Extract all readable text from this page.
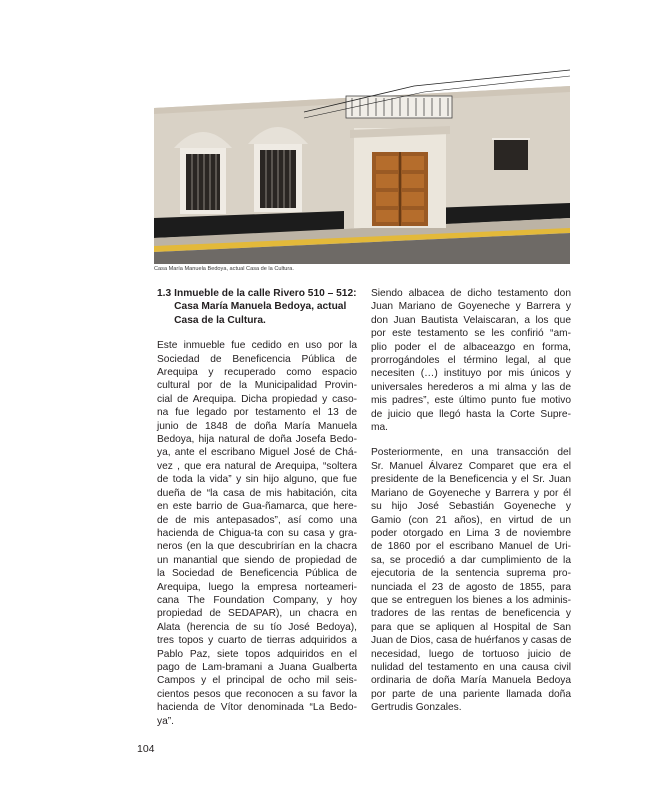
Casa María Manuela Bedoya, actual Casa de la Cultura.
1.3 Inmueble de la calle Rivero 510 – 512: Casa María Manuela Bedoya, actual Casa de la Cultura.
Este inmueble fue cedido en uso por la
Sociedad de Beneficencia Pública de
Arequipa y recuperado como espacio
cultural por de la Municipalidad Provin-
cial de Arequipa. Dicha propiedad y caso-
na fue legado por testamento el 13 de
junio de 1848 de doña María Manuela
Bedoya, hija natural de doña Josefa Bedo-
ya, ante el escribano Miguel José de Chá-
vez , que era natural de Arequipa, “soltera
de toda la vida” y sin hijo alguno, que fue
dueña de “la casa de mis habitación, cita
en este barrio de Gua-ñamarca, que here-
de de mis antepasados”, así como una
hacienda de Chigua-ta con su casa y gra-
neros (en la que descubrirían en la chacra
un manantial que siendo de propiedad de
la Sociedad de Beneficencia Pública de
Arequipa, luego la empresa norteameri-
cana The Foundation Company, y hoy
propiedad de SEDAPAR), un chacra en
Alata (herencia de su tío José Bedoya),
tres topos y cuarto de tierras adquiridos a
Pablo Paz, siete topos adquiridos en el
pago de Lam-bramani a Juana Gualberta
Campos y el principal de ocho mil seis-
cientos pesos que reconocen a su favor la
hacienda de Vítor denominada “La Bedo-
ya”.
Siendo albacea de dicho testamento don
Juan Mariano de Goyeneche y Barrera y
don Juan Bautista Velaiscaran, a los que
por este testamento se les confirió “am-
plio poder el de albaceazgo en forma,
prorrogándoles el término legal, al que
necesiten (…) instituyo por mis únicos y
universales herederos a mi alma y las de
mis padres”, este último punto fue motivo
de juicio que llegó hasta la Corte Supre-
ma.
Posteriormente, en una transacción del
Sr. Manuel Álvarez Comparet que era el
presidente de la Beneficencia y el Sr. Juan
Mariano de Goyeneche y Barrera y por él
su hijo José Sebastián Goyeneche y
Gamio (con 21 años), en virtud de un
poder otorgado en Lima 3 de noviembre
de 1860 por el escribano Manuel de Uri-
sa, se procedió a dar cumplimiento de la
ejecutoria de la sentencia suprema pro-
nunciada el 23 de agosto de 1855, para
que se entreguen los bienes a los adminis-
tradores de las rentas de beneficencia y
para que se apliquen al Hospital de San
Juan de Dios, casa de huérfanos y casas de
necesidad, luego de tortuoso juicio de
nulidad del testamento en una causa civil
ordinaria de doña María Manuela Bedoya
por parte de una pariente llamada doña
Gertrudis Gonzales.
104
